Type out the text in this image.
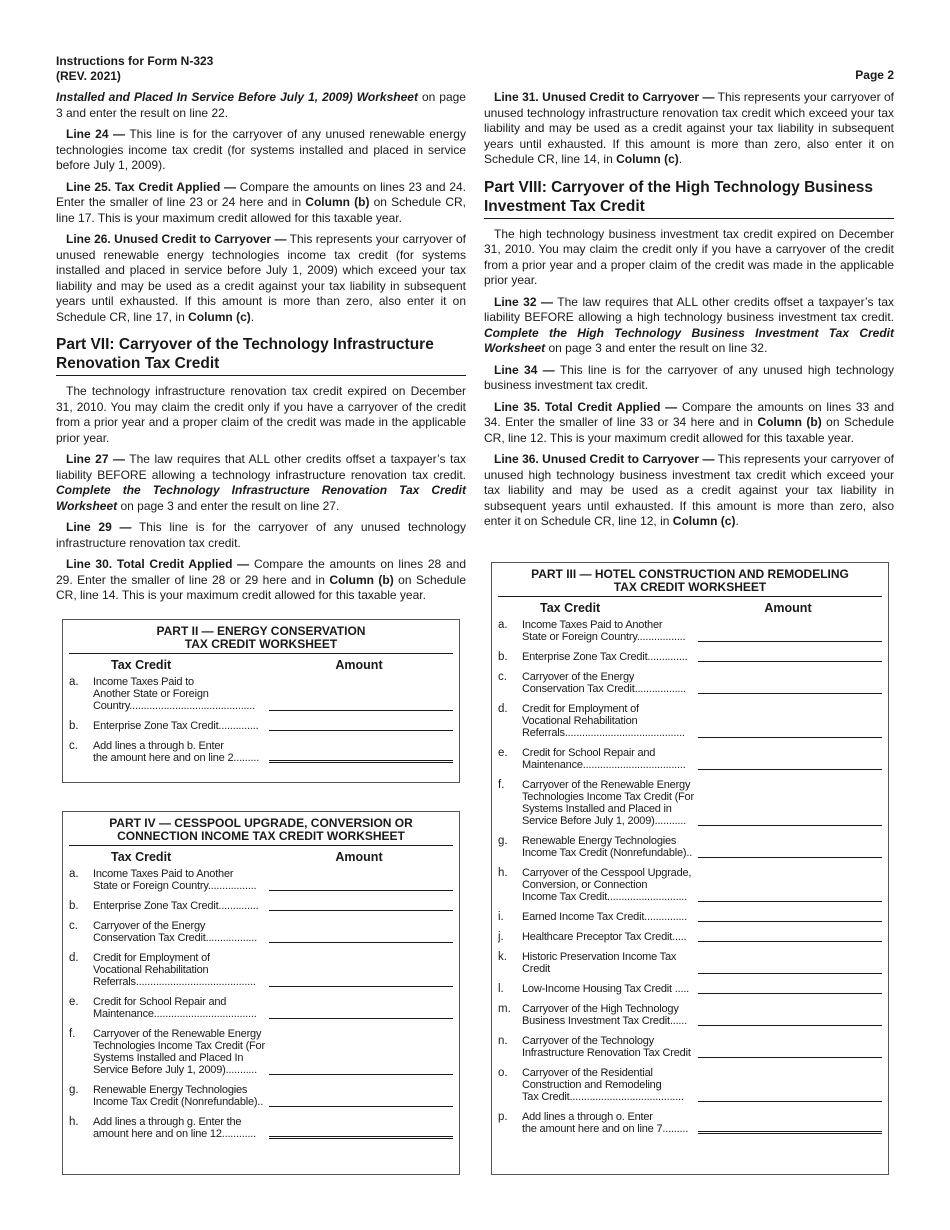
Instructions for Form N-323
(REV. 2021)	Page 2

Installed and Placed In Service Before July 1, 2009) Worksheet on page 3 and enter the result on line 22.

Line 24 — This line is for the carryover of any unused renewable energy technologies income tax credit (for systems installed and placed in service before July 1, 2009).

Line 25. Tax Credit Applied — Compare the amounts on lines 23 and 24. Enter the smaller of line 23 or 24 here and in Column (b) on Schedule CR, line 17. This is your maximum credit allowed for this taxable year.

Line 26. Unused Credit to Carryover — This represents your carryover of unused renewable energy technologies income tax credit (for systems installed and placed in service before July 1, 2009) which exceed your tax liability and may be used as a credit against your tax liability in subsequent years until exhausted. If this amount is more than zero, also enter it on Schedule CR, line 17, in Column (c).

Part VII: Carryover of the Technology Infrastructure Renovation Tax Credit

The technology infrastructure renovation tax credit expired on December 31, 2010. You may claim the credit only if you have a carryover of the credit from a prior year and a proper claim of the credit was made in the applicable prior year.

Line 27 — The law requires that ALL other credits offset a taxpayer’s tax liability BEFORE allowing a technology infrastructure renovation tax credit. Complete the Technology Infrastructure Renovation Tax Credit Worksheet on page 3 and enter the result on line 27.

Line 29 — This line is for the carryover of any unused technology infrastructure renovation tax credit.

Line 30. Total Credit Applied — Compare the amounts on lines 28 and 29. Enter the smaller of line 28 or 29 here and in Column (b) on Schedule CR, line 14. This is your maximum credit allowed for this taxable year.

Line 31. Unused Credit to Carryover — This represents your carryover of unused technology infrastructure renovation tax credit which exceed your tax liability and may be used as a credit against your tax liability in subsequent years until exhausted. If this amount is more than zero, also enter it on Schedule CR, line 14, in Column (c).

Part VIII: Carryover of the High Technology Business Investment Tax Credit

The high technology business investment tax credit expired on December 31, 2010. You may claim the credit only if you have a carryover of the credit from a prior year and a proper claim of the credit was made in the applicable prior year.

Line 32 — The law requires that ALL other credits offset a taxpayer’s tax liability BEFORE allowing a high technology business investment tax credit. Complete the High Technology Business Investment Tax Credit Worksheet on page 3 and enter the result on line 32.

Line 34 — This line is for the carryover of any unused high technology business investment tax credit.

Line 35. Total Credit Applied — Compare the amounts on lines 33 and 34. Enter the smaller of line 33 or 34 here and in Column (b) on Schedule CR, line 12. This is your maximum credit allowed for this taxable year.

Line 36. Unused Credit to Carryover — This represents your carryover of unused high technology business investment tax credit which exceed your tax liability and may be used as a credit against your tax liability in subsequent years until exhausted. If this amount is more than zero, also enter it on Schedule CR, line 12, in Column (c).

PART II — ENERGY CONSERVATION
TAX CREDIT WORKSHEET
Tax Credit	Amount
a.	Income Taxes Paid to
Another State or Foreign
Country............................................
b.	Enterprise Zone Tax Credit..............
c.	Add lines a through b. Enter
the amount here and on line 2.........
PART IV — CESSPOOL UPGRADE, CONVERSION OR
CONNECTION INCOME TAX CREDIT WORKSHEET
Tax Credit	Amount
a.	Income Taxes Paid to Another
State or Foreign Country.................
b.	Enterprise Zone Tax Credit..............
c.	Carryover of the Energy
Conservation Tax Credit..................
d.	Credit for Employment of
Vocational Rehabilitation
Referrals..........................................
e.	Credit for School Repair and
Maintenance....................................
f.	Carryover of the Renewable Energy
Technologies Income Tax Credit (For
Systems Installed and Placed In
Service Before July 1, 2009)...........
g.	Renewable Energy Technologies
Income Tax Credit (Nonrefundable)..
h.	Add lines a through g. Enter the
amount here and on line 12............
PART III — HOTEL CONSTRUCTION AND REMODELING
TAX CREDIT WORKSHEET
Tax Credit	Amount
a.	Income Taxes Paid to Another
State or Foreign Country.................
b.	Enterprise Zone Tax Credit..............
c.	Carryover of the Energy
Conservation Tax Credit..................
d.	Credit for Employment of
Vocational Rehabilitation
Referrals..........................................
e.	Credit for School Repair and
Maintenance....................................
f.	Carryover of the Renewable Energy
Technologies Income Tax Credit (For
Systems Installed and Placed in
Service Before July 1, 2009)...........
g.	Renewable Energy Technologies
Income Tax Credit (Nonrefundable)..
h.	Carryover of the Cesspool Upgrade,
Conversion, or Connection
Income Tax Credit............................
i.	Earned Income Tax Credit...............
j.	Healthcare Preceptor Tax Credit.....
k.	Historic Preservation Income Tax Credit
l.	Low-Income Housing Tax Credit .....
m.	Carryover of the High Technology
Business Investment Tax Credit......
n.	Carryover of the Technology
Infrastructure Renovation Tax Credit
o.	Carryover of the Residential
Construction and Remodeling
Tax Credit........................................
p.	Add lines a through o. Enter
the amount here and on line 7.........
